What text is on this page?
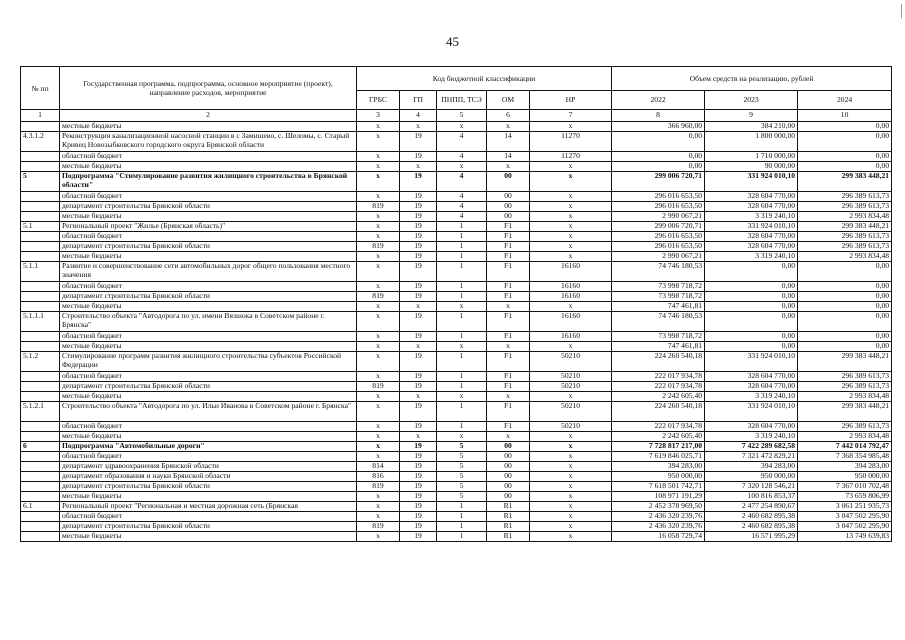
45
№ пп	Государственная программа, подпрограмма, основное мероприятие (проект), направление расходов, мероприятие	Код бюджетной классификации					Объем средств на реализацию, рублей		
		ГРБС	ГП	ПНПП, ТСЭ	ОМ	НР	2022	2023	2024
1	2	3	4	5	6	7	8	9	10
	местные бюджеты	х	х	х	х	х	366 960,00	384 210,00	0,00
4.3.1.2	Реконструкция канализационной насосной станции в с Замишево, с. Шеломы, с. Старый Кривец Новозыбковского городского округа Брянской области	х	19	4	14	11270	0,00	1 800 000,00	0,00
	областной бюджет	х	19	4	14	11270	0,00	1 710 000,00	0,00
	местные бюджеты	х	х	х	х	х	0,00	90 000,00	0,00
5	Подпрограмма "Стимулирование развития жилищного строительства в Брянской области"	х	19	4	00	х	299 006 720,71	331 924 010,10	299 383 448,21
	областной бюджет	х	19	4	00	х	296 016 653,50	328 604 770,00	296 389 613,73
	департамент строительства Брянской области	819	19	4	00	х	296 016 653,50	328 604 770,00	296 389 613,73
	местные бюджеты	х	19	4	00	х	2 990 067,21	3 319 240,10	2 993 834,48
5.1	Региональный проект "Жилье (Брянская область)"	х	19	1	F1	х	299 006 720,71	331 924 010,10	299 383 448,21
	областной бюджет	х	19	1	F1	х	296 016 653,50	328 604 770,00	296 389 613,73
	департамент строительства Брянской области	819	19	1	F1	х	296 016 653,50	328 604 770,00	296 389 613,73
	местные бюджеты	х	19	1	F1	х	2 990 067,21	3 319 240,10	2 993 834,48
5.1.1	Развитие и совершенствование сети автомобильных дорог общего пользования местного значения	х	19	1	F1	16160	74 746 180,53	0,00	0,00
	областной бюджет	х	19	1	F1	16160	73 998 718,72	0,00	0,00
	департамент строительства Брянской области	819	19	1	F1	16160	73 998 718,72	0,00	0,00
	местные бюджеты	х	х	х	х	х	747 461,81	0,00	0,00
5.1.1.1	Строительство объекта "Автодорога по ул. имени Вязшока в Советском районе г. Брянска"	х	19	1	F1	16160	74 746 180,53	0,00	0,00
	областной бюджет	х	19	1	F1	16160	73 998 718,72	0,00	0,00
	местные бюджеты	х	х	х	х	х	747 461,81	0,00	0,00
5.1.2	Стимулирование программ развития жилищного строительства субъектов Российской Федерации	х	19	1	F1	50210	224 260 540,18	331 924 010,10	299 383 448,21
	областной бюджет	х	19	1	F1	50210	222 017 934,78	328 604 770,00	296 389 613,73
	департамент строительства Брянской области	819	19	1	F1	50210	222 017 934,78	328 604 770,00	296 389 613,73
	местные бюджеты	х	х	х	х	х	2 242 605,40	3 319 240,10	2 993 834,48
5.1.2.1	Строительство объекта "Автодорога по ул. Ильи Иванова в Советском районе г. Брянска"	х	19	1	F1	50210	224 260 540,18	331 924 010,10	299 383 448,21
	областной бюджет	х	19	1	F1	50210	222 017 934,78	328 604 770,00	296 389 613,73
	местные бюджеты	х	х	х	х	х	2 242 605,40	3 319 240,10	2 993 834,48
6	Подпрограмма "Автомобильные дороги"	х	19	5	00	х	7 728 817 217,00	7 422 289 682,58	7 442 014 792,47
	областной бюджет	х	19	5	00	х	7 619 846 025,71	7 321 472 829,21	7 368 354 985,48
	департамент здравоохранения Брянской области	814	19	5	00	х	394 283,00	394 283,00	394 283,00
	департамент образования и науки Брянской области	816	19	5	00	х	950 000,00	950 000,00	950 000,00
	департамент строительства Брянской области	819	19	5	00	х	7 618 501 742,71	7 320 128 546,21	7 367 010 702,48
	местные бюджеты	х	19	5	00	х	108 971 191,29	100 816 853,37	73 659 806,99
6.1	Региональный проект "Региональная и местная дорожная сеть (Брянская	х	19	1	R1	х	2 452 378 969,50	2 477 254 890,67	3 061 251 935,73
	областной бюджет	х	19	1	R1	х	2 436 320 239,76	2 460 682 895,38	3 047 502 295,90
	департамент строительства Брянской области	819	19	1	R1	х	2 436 320 239,76	2 460 682 895,38	3 047 502 295,90
	местные бюджеты	х	19	1	R1	х	16 058 729,74	16 571 995,29	13 749 639,83
